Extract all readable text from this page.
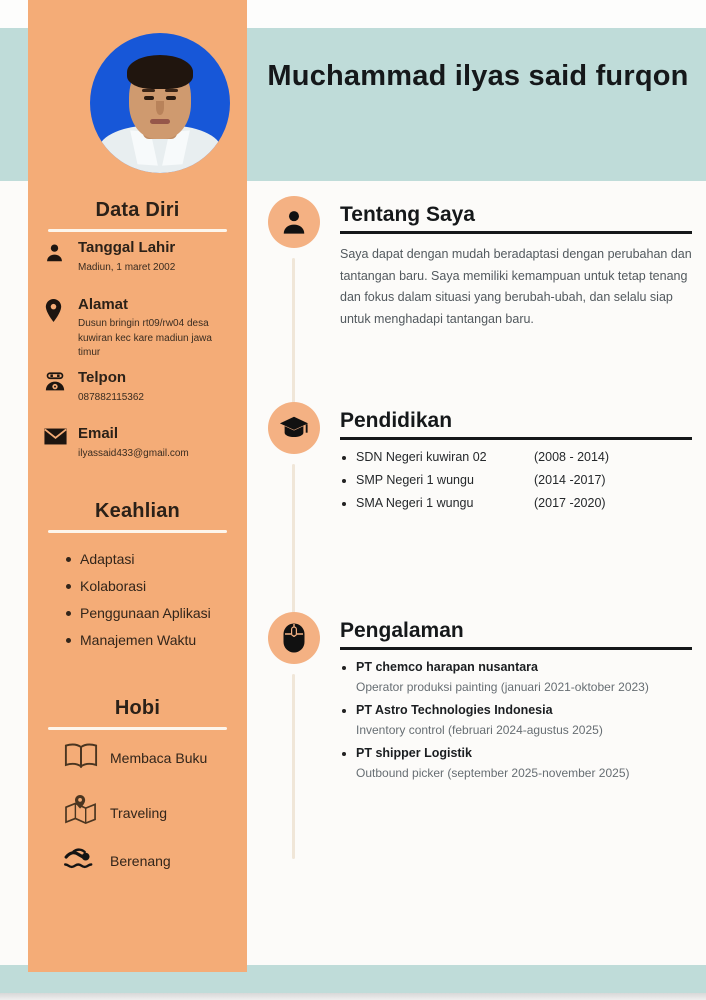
Data Diri
Tanggal Lahir
Madiun, 1 maret 2002
Alamat
Dusun bringin rt09/rw04 desa kuwiran kec kare madiun jawa timur
Telpon
087882115362
Email
ilyassaid433@gmail.com
Keahlian
Adaptasi
Kolaborasi
Penggunaan Aplikasi
Manajemen Waktu
Hobi
Membaca Buku
Traveling
Berenang
Muchammad ilyas said furqon
Tentang Saya

Saya dapat dengan mudah beradaptasi dengan perubahan dan tantangan baru. Saya memiliki kemampuan untuk tetap tenang dan fokus dalam situasi yang berubah-ubah, dan selalu siap untuk menghadapi tantangan baru.

Pendidikan
SDN Negeri kuwiran 02	(2008 - 2014)
SMP Negeri 1 wungu	(2014 -2017)
SMA Negeri 1 wungu	(2017 -2020)
Pengalaman
PT chemco harapan nusantara
Operator produksi painting (januari 2021-oktober 2023)
PT Astro Technologies Indonesia
Inventory control (februari 2024-agustus 2025)
PT shipper Logistik
Outbound picker (september 2025-november 2025)
